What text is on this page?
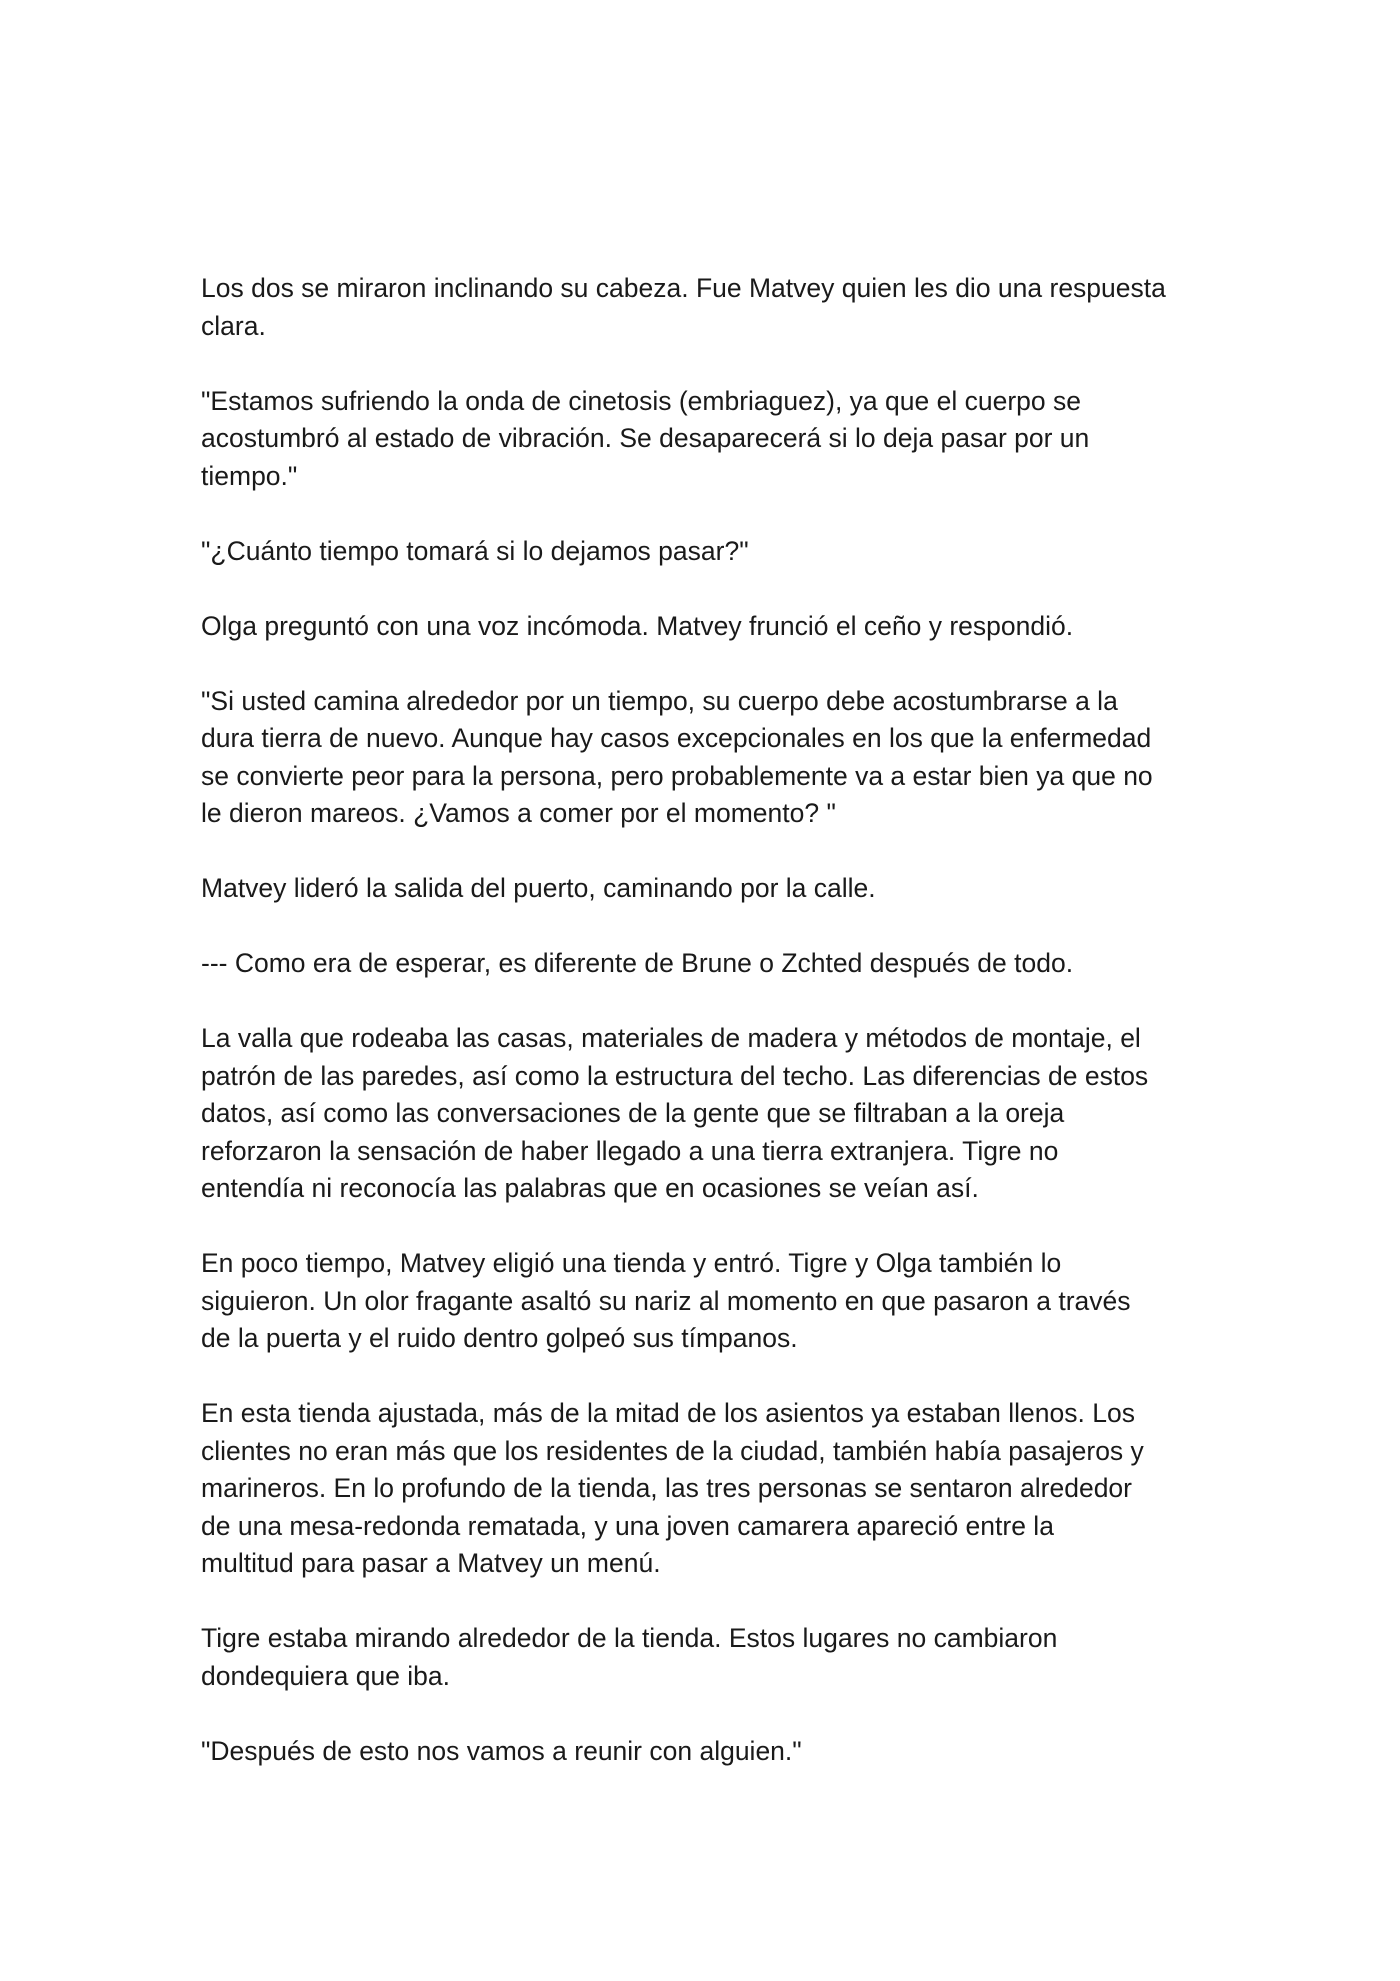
Los dos se miraron inclinando su cabeza. Fue Matvey quien les dio una respuesta
clara.

"Estamos sufriendo la onda de cinetosis (embriaguez), ya que el cuerpo se
acostumbró al estado de vibración. Se desaparecerá si lo deja pasar por un
tiempo."

"¿Cuánto tiempo tomará si lo dejamos pasar?"

Olga preguntó con una voz incómoda. Matvey frunció el ceño y respondió.

"Si usted camina alrededor por un tiempo, su cuerpo debe acostumbrarse a la
dura tierra de nuevo. Aunque hay casos excepcionales en los que la enfermedad
se convierte peor para la persona, pero probablemente va a estar bien ya que no
le dieron mareos. ¿Vamos a comer por el momento? "

Matvey lideró la salida del puerto, caminando por la calle.

--- Como era de esperar, es diferente de Brune o Zchted después de todo.

La valla que rodeaba las casas, materiales de madera y métodos de montaje, el
patrón de las paredes, así como la estructura del techo. Las diferencias de estos
datos, así como las conversaciones de la gente que se filtraban a la oreja
reforzaron la sensación de haber llegado a una tierra extranjera. Tigre no
entendía ni reconocía las palabras que en ocasiones se veían así.

En poco tiempo, Matvey eligió una tienda y entró. Tigre y Olga también lo
siguieron. Un olor fragante asaltó su nariz al momento en que pasaron a través
de la puerta y el ruido dentro golpeó sus tímpanos.

En esta tienda ajustada, más de la mitad de los asientos ya estaban llenos. Los
clientes no eran más que los residentes de la ciudad, también había pasajeros y
marineros. En lo profundo de la tienda, las tres personas se sentaron alrededor
de una mesa-redonda rematada, y una joven camarera apareció entre la
multitud para pasar a Matvey un menú.

Tigre estaba mirando alrededor de la tienda. Estos lugares no cambiaron
dondequiera que iba.

"Después de esto nos vamos a reunir con alguien."
